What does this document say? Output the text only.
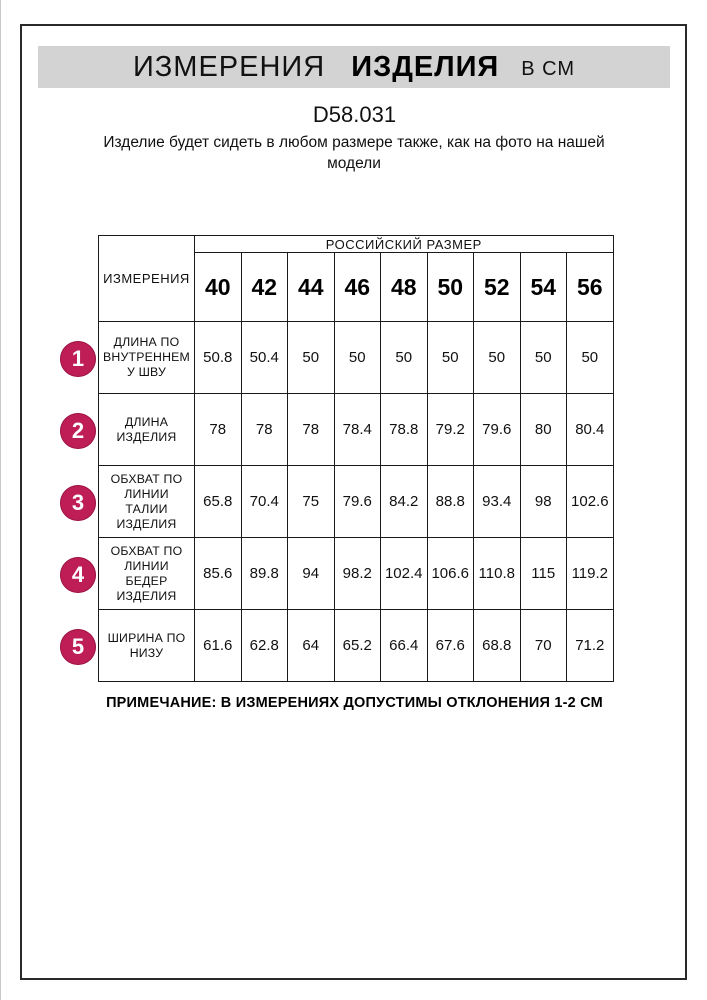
ИЗМЕРЕНИЯ ИЗДЕЛИЯ В СМ
D58.031
Изделие будет сидеть в любом размере также, как на фото на нашей модели
1
2
3
4
5
ИЗМЕРЕНИЯ	РОССИЙСКИЙ РАЗМЕР								
	40	42	44	46	48	50	52	54	56
ДЛИНА ПО ВНУТРЕННЕМУ ШВУ	50.8	50.4	50	50	50	50	50	50	50
ДЛИНА ИЗДЕЛИЯ	78	78	78	78.4	78.8	79.2	79.6	80	80.4
ОБХВАТ ПО ЛИНИИ ТАЛИИ ИЗДЕЛИЯ	65.8	70.4	75	79.6	84.2	88.8	93.4	98	102.6
ОБХВАТ ПО ЛИНИИ БЕДЕР ИЗДЕЛИЯ	85.6	89.8	94	98.2	102.4	106.6	110.8	115	119.2
ШИРИНА ПО НИЗУ	61.6	62.8	64	65.2	66.4	67.6	68.8	70	71.2
ПРИМЕЧАНИЕ: В ИЗМЕРЕНИЯХ ДОПУСТИМЫ ОТКЛОНЕНИЯ 1-2 СМ
